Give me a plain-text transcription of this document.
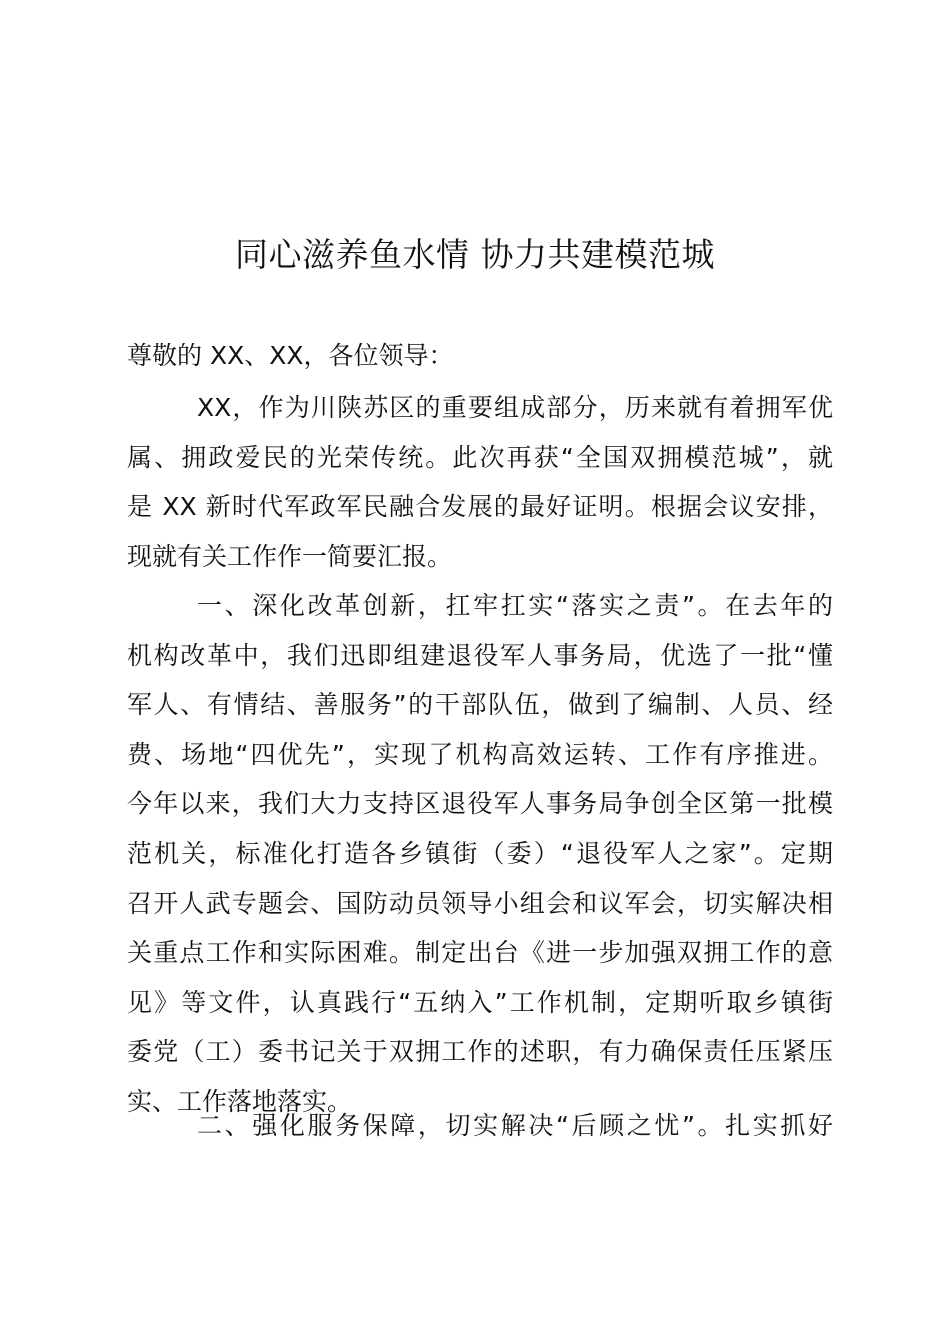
同心滋养鱼水情 协力共建模范城

尊敬的 XX、XX，各位领导：

XX，作为川陕苏区的重要组成部分，历来就有着拥军优
属、拥政爱民的光荣传统。此次再获“全国双拥模范城”，就
是 XX 新时代军政军民融合发展的最好证明。根据会议安排，
现就有关工作作一简要汇报。
一、深化改革创新，扛牢扛实“落实之责”。在去年的
机构改革中，我们迅即组建退役军人事务局，优选了一批“懂
军人、有情结、善服务”的干部队伍，做到了编制、人员、经
费、场地“四优先”，实现了机构高效运转、工作有序推进。
今年以来，我们大力支持区退役军人事务局争创全区第一批模
范机关，标准化打造各乡镇街（委）“退役军人之家”。定期
召开人武专题会、国防动员领导小组会和议军会，切实解决相
关重点工作和实际困难。制定出台《进一步加强双拥工作的意
见》等文件，认真践行“五纳入”工作机制，定期听取乡镇街
委党（工）委书记关于双拥工作的述职，有力确保责任压紧压
实、工作落地落实。
二、强化服务保障，切实解决“后顾之忧”。扎实抓好
